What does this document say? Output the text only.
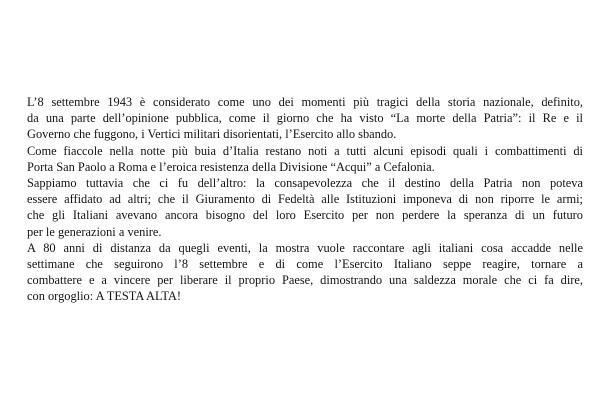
L’8 settembre 1943 è considerato come uno dei momenti più tragici della storia nazionale, definito,
da una parte dell’opinione pubblica, come il giorno che ha visto “La morte della Patria”: il Re e il
Governo che fuggono, i Vertici militari disorientati, l’Esercito allo sbando.
Come fiaccole nella notte più buia d’Italia restano noti a tutti alcuni episodi quali i combattimenti di
Porta San Paolo a Roma e l’eroica resistenza della Divisione “Acqui” a Cefalonia.
Sappiamo tuttavia che ci fu dell’altro: la consapevolezza che il destino della Patria non poteva
essere affidato ad altri; che il Giuramento di Fedeltà alle Istituzioni imponeva di non riporre le armi;
che gli Italiani avevano ancora bisogno del loro Esercito per non perdere la speranza di un futuro
per le generazioni a venire.
A 80 anni di distanza da quegli eventi, la mostra vuole raccontare agli italiani cosa accadde nelle
settimane che seguirono l’8 settembre e di come l’Esercito Italiano seppe reagire, tornare a
combattere e a vincere per liberare il proprio Paese, dimostrando una saldezza morale che ci fa dire,
con orgoglio: A TESTA ALTA!
